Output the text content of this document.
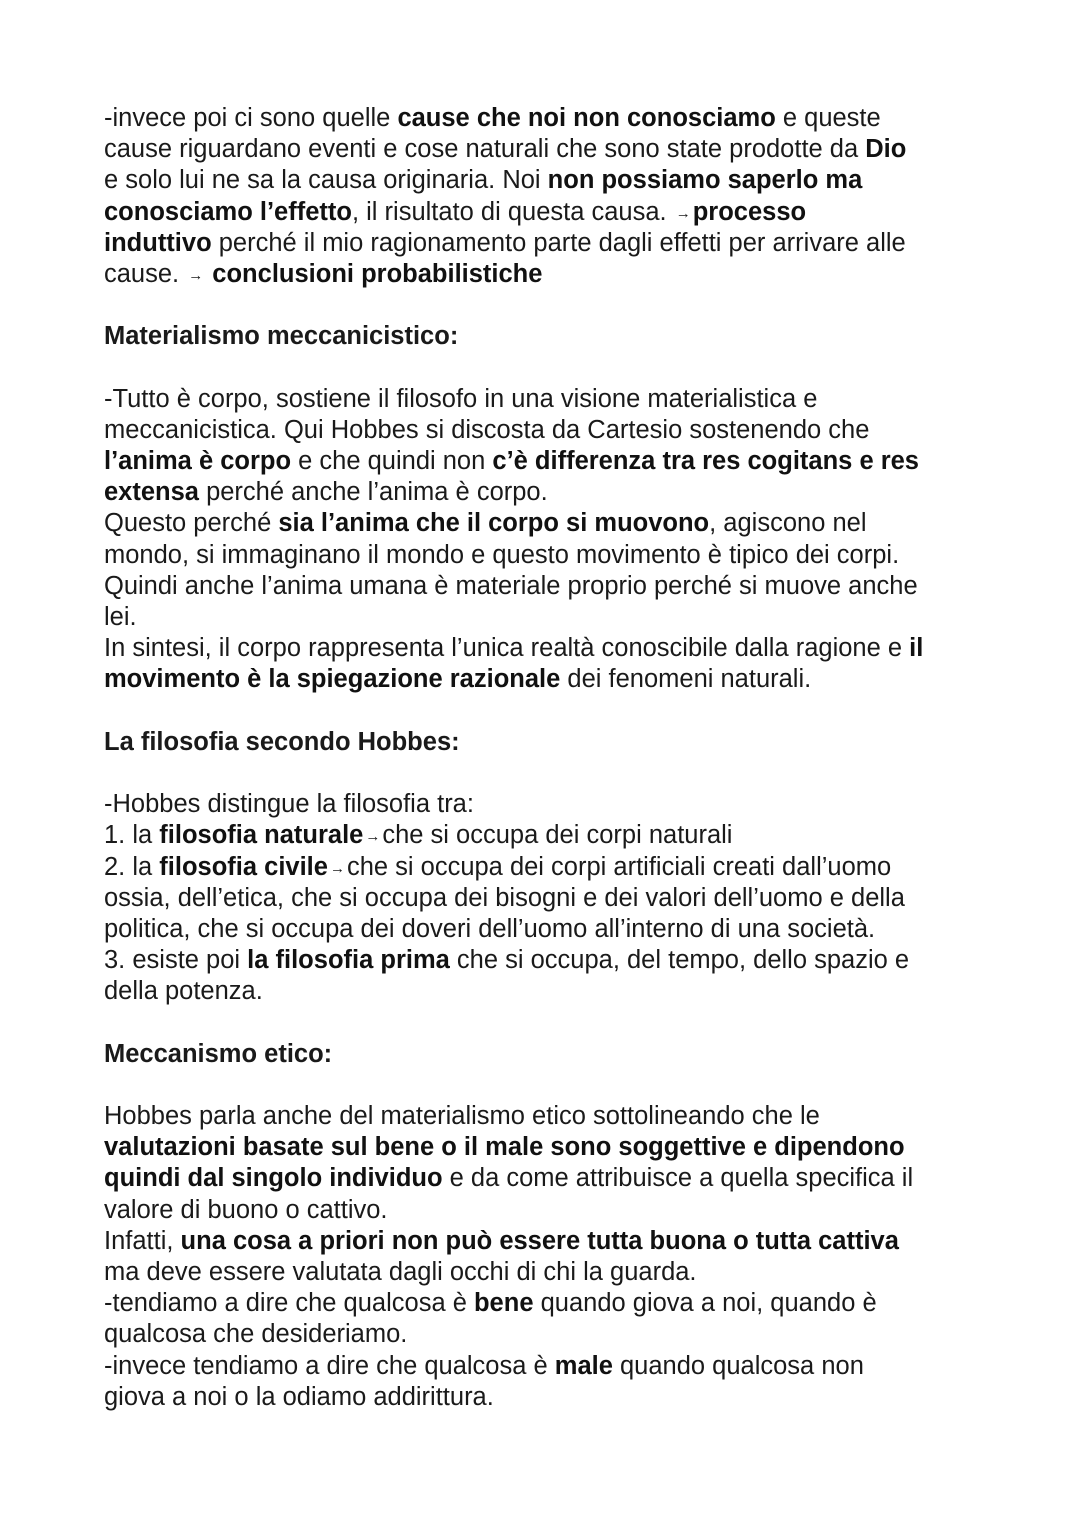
-invece poi ci sono quelle cause che noi non conosciamo e queste
cause riguardano eventi e cose naturali che sono state prodotte da Dio
e solo lui ne sa la causa originaria. Noi non possiamo saperlo ma
conosciamo l’effetto, il risultato di questa causa. →processo
induttivo perché il mio ragionamento parte dagli effetti per arrivare alle
cause. → conclusioni probabilistiche
Materialismo meccanicistico:
-Tutto è corpo, sostiene il filosofo in una visione materialistica e
meccanicistica. Qui Hobbes si discosta da Cartesio sostenendo che
l’anima è corpo e che quindi non c’è differenza tra res cogitans e res
extensa perché anche l’anima è corpo.
Questo perché sia l’anima che il corpo si muovono, agiscono nel
mondo, si immaginano il mondo e questo movimento è tipico dei corpi.
Quindi anche l’anima umana è materiale proprio perché si muove anche
lei.
In sintesi, il corpo rappresenta l’unica realtà conoscibile dalla ragione e il
movimento è la spiegazione razionale dei fenomeni naturali.
La filosofia secondo Hobbes:
-Hobbes distingue la filosofia tra:
1. la filosofia naturale →che si occupa dei corpi naturali
2. la filosofia civile →che si occupa dei corpi artificiali creati dall’uomo
ossia, dell’etica, che si occupa dei bisogni e dei valori dell’uomo e della
politica, che si occupa dei doveri dell’uomo all’interno di una società.
3. esiste poi la filosofia prima che si occupa, del tempo, dello spazio e
della potenza.
Meccanismo etico:
Hobbes parla anche del materialismo etico sottolineando che le
valutazioni basate sul bene o il male sono soggettive e dipendono
quindi dal singolo individuo e da come attribuisce a quella specifica il
valore di buono o cattivo.
Infatti, una cosa a priori non può essere tutta buona o tutta cattiva
ma deve essere valutata dagli occhi di chi la guarda.
-tendiamo a dire che qualcosa è bene quando giova a noi, quando è
qualcosa che desideriamo.
-invece tendiamo a dire che qualcosa è male quando qualcosa non
giova a noi o la odiamo addirittura.
